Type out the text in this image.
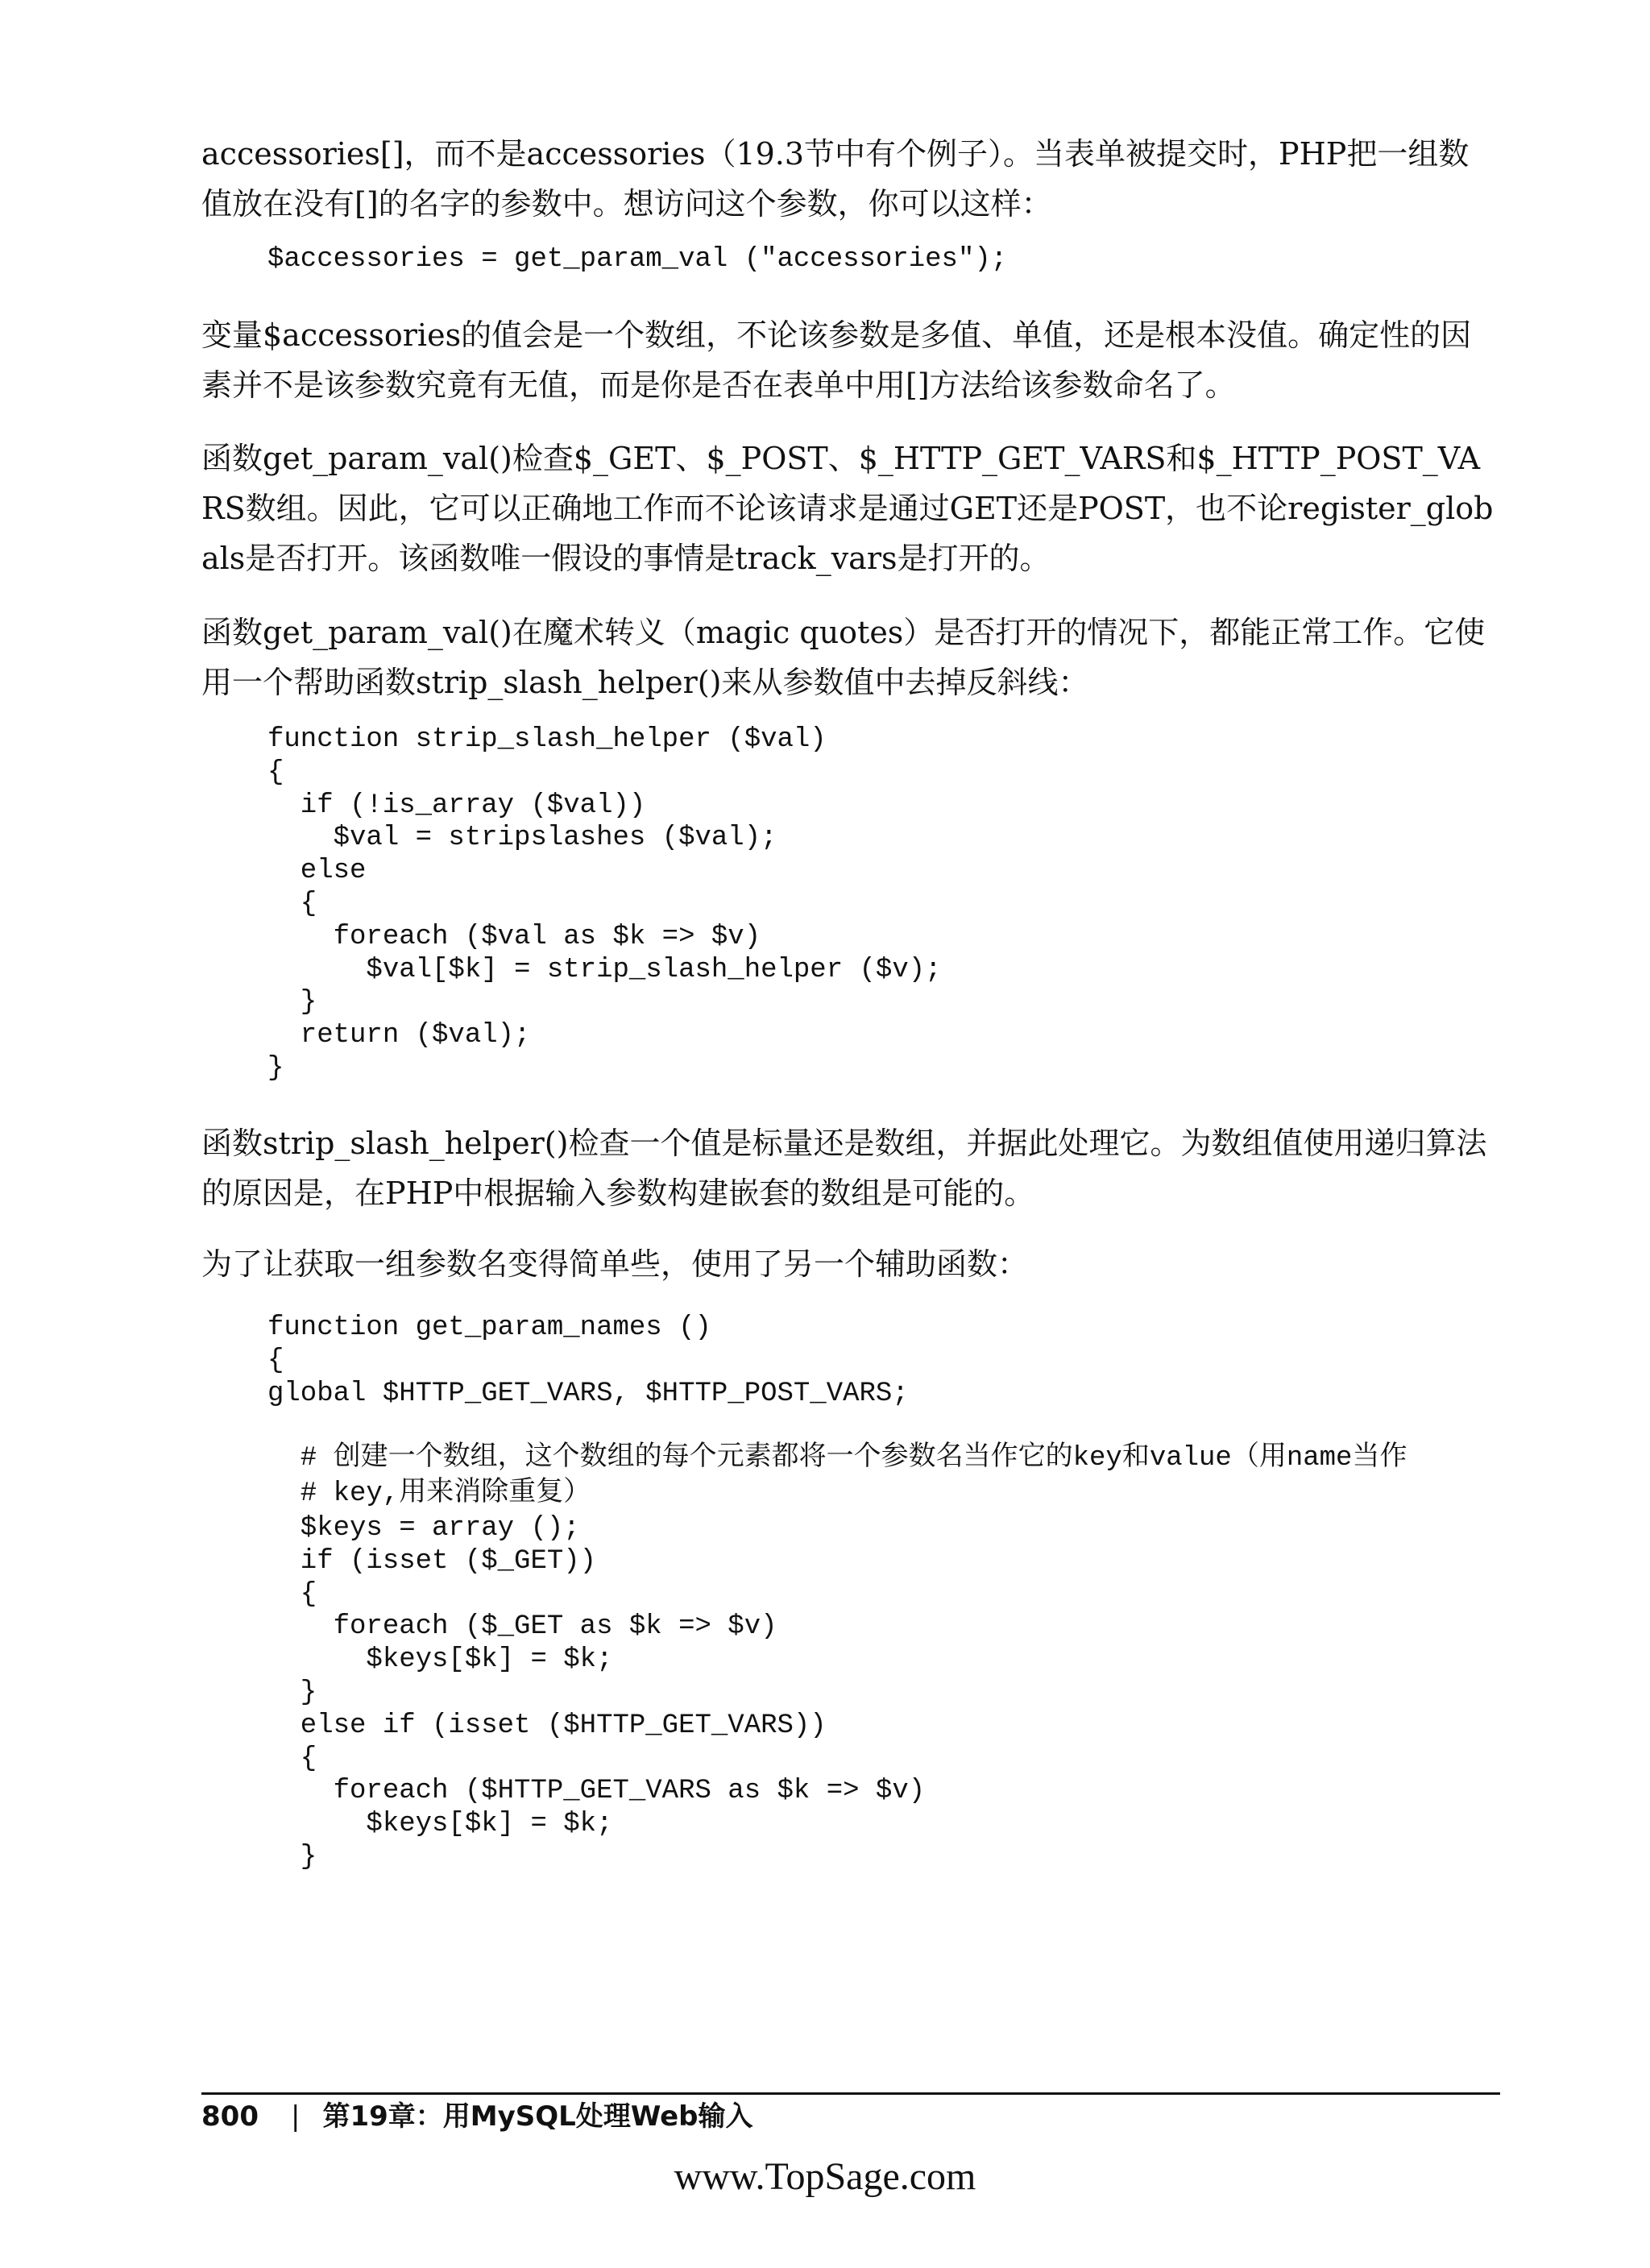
accessories[]，而不是accessories（19.3节中有个例子）。当表单被提交时，PHP把一组数值放在没有[]的名字的参数中。想访问这个参数，你可以这样：

$accessories = get_param_val ("accessories");

变量$accessories的值会是一个数组，不论该参数是多值、单值，还是根本没值。确定性的因素并不是该参数究竟有无值，而是你是否在表单中用[]方法给该参数命名了。

函数get_param_val()检查$_GET、$_POST、$_HTTP_GET_VARS和$_HTTP_POST_VARS数组。因此，它可以正确地工作而不论该请求是通过GET还是POST，也不论register_globals是否打开。该函数唯一假设的事情是track_vars是打开的。

函数get_param_val()在魔术转义（magic quotes）是否打开的情况下，都能正常工作。它使用一个帮助函数strip_slash_helper()来从参数值中去掉反斜线：

function strip_slash_helper ($val)
{
if (!is_array ($val))
$val = stripslashes ($val);
else
{
foreach ($val as $k => $v)
$val[$k] = strip_slash_helper ($v);
}
return ($val);
}

函数strip_slash_helper()检查一个值是标量还是数组，并据此处理它。为数组值使用递归算法的原因是，在PHP中根据输入参数构建嵌套的数组是可能的。

为了让获取一组参数名变得简单些，使用了另一个辅助函数：

function get_param_names ()
{
global $HTTP_GET_VARS, $HTTP_POST_VARS;
# 创建一个数组，这个数组的每个元素都将一个参数名当作它的key和value（用name当作
# key,用来消除重复）
$keys = array ();
if (isset ($_GET))
{
foreach ($_GET as $k => $v)
$keys[$k] = $k;
}
else if (isset ($HTTP_GET_VARS))
{
foreach ($HTTP_GET_VARS as $k => $v)
$keys[$k] = $k;
}
800 | 第19章：用MySQL处理Web输入
www.TopSage.com
